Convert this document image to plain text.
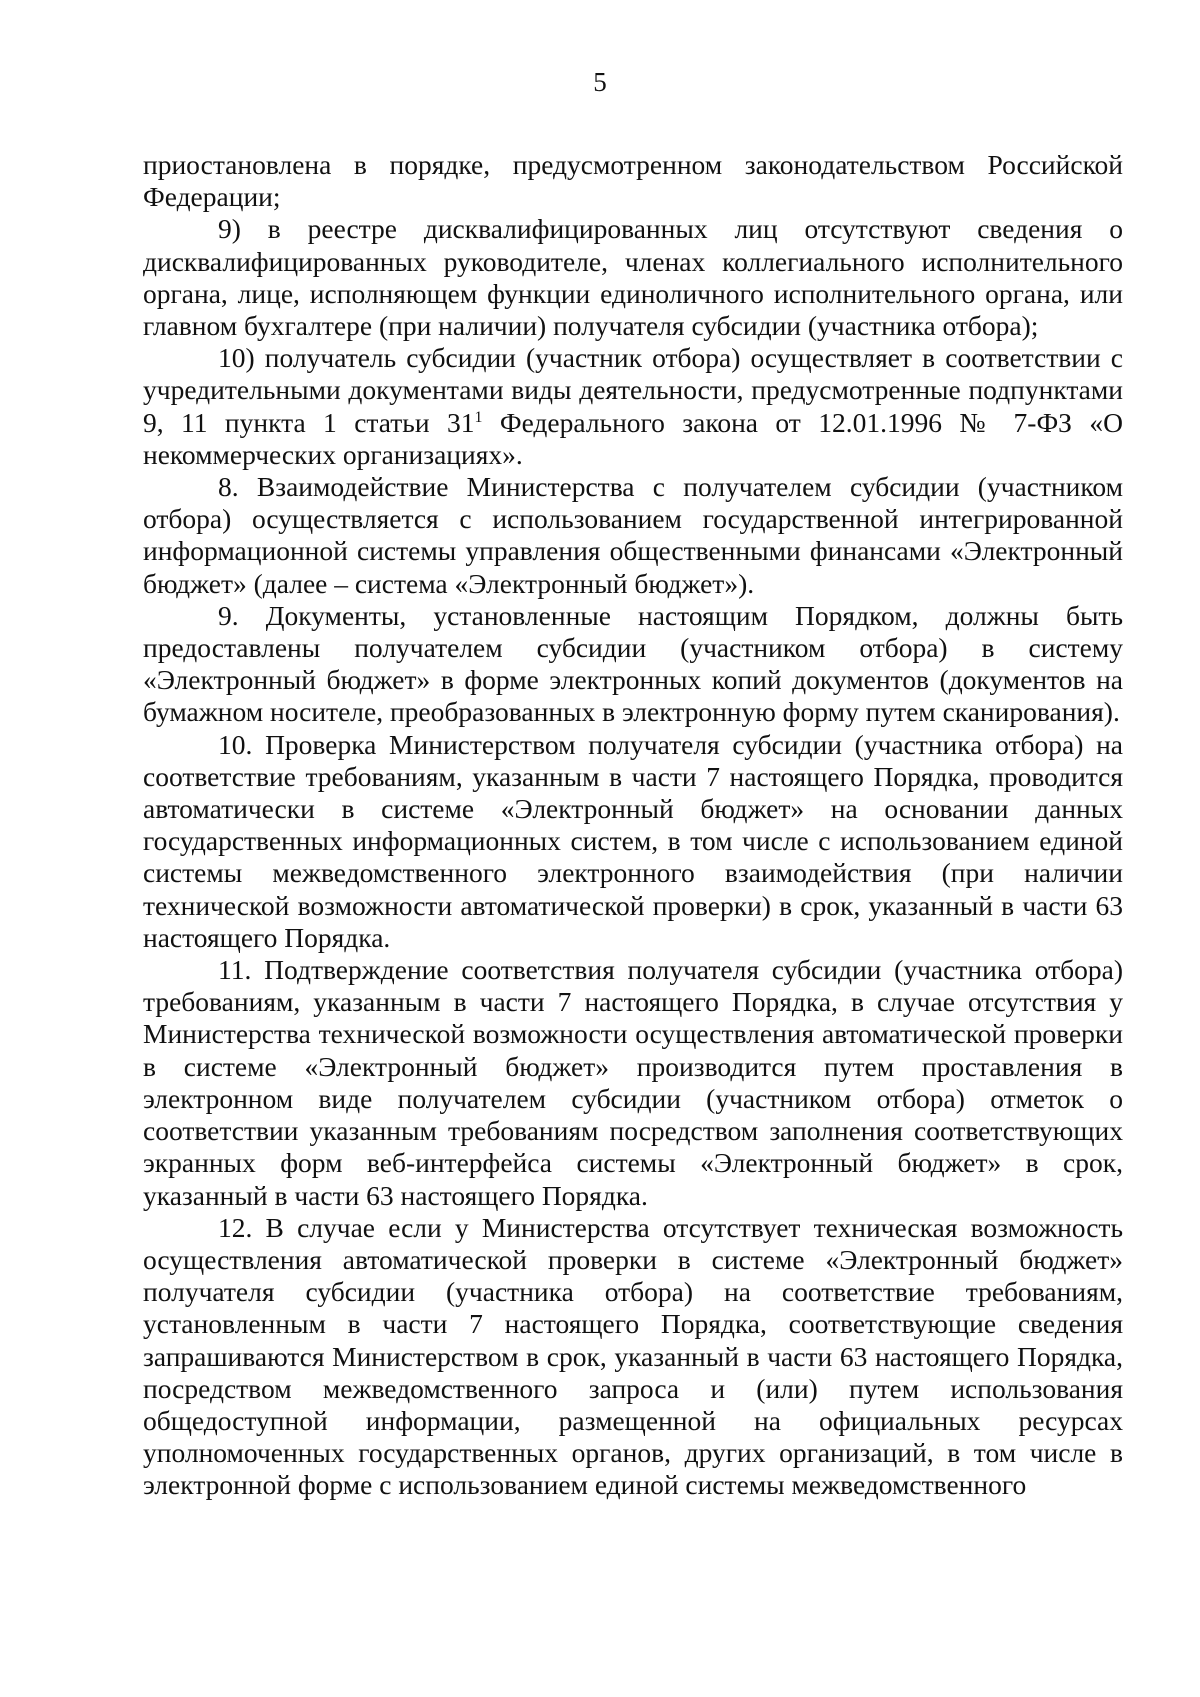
5

приостановлена в порядке, предусмотренном законодательством Российской Федерации;

9) в реестре дисквалифицированных лиц отсутствуют сведения о дисквалифицированных руководителе, членах коллегиального исполнительного органа, лице, исполняющем функции единоличного исполнительного органа, или главном бухгалтере (при наличии) получателя субсидии (участника отбора);

10) получатель субсидии (участник отбора) осуществляет в соответствии с учредительными документами виды деятельности, предусмотренные подпунктами 9, 11 пункта 1 статьи $31^1$ Федерального закона от 12.01.1996 № 7-ФЗ «О некоммерческих организациях».

8. Взаимодействие Министерства с получателем субсидии (участником отбора) осуществляется с использованием государственной интегрированной информационной системы управления общественными финансами «Электронный бюджет» (далее – система «Электронный бюджет»).

9. Документы, установленные настоящим Порядком, должны быть предоставлены получателем субсидии (участником отбора) в систему «Электронный бюджет» в форме электронных копий документов (документов на бумажном носителе, преобразованных в электронную форму путем сканирования).

10. Проверка Министерством получателя субсидии (участника отбора) на соответствие требованиям, указанным в части 7 настоящего Порядка, проводится автоматически в системе «Электронный бюджет» на основании данных государственных информационных систем, в том числе с использованием единой системы межведомственного электронного взаимодействия (при наличии технической возможности автоматической проверки) в срок, указанный в части 63 настоящего Порядка.

11. Подтверждение соответствия получателя субсидии (участника отбора) требованиям, указанным в части 7 настоящего Порядка, в случае отсутствия у Министерства технической возможности осуществления автоматической проверки в системе «Электронный бюджет» производится путем проставления в электронном виде получателем субсидии (участником отбора) отметок о соответствии указанным требованиям посредством заполнения соответствующих экранных форм веб-интерфейса системы «Электронный бюджет» в срок, указанный в части 63 настоящего Порядка.

12. В случае если у Министерства отсутствует техническая возможность осуществления автоматической проверки в системе «Электронный бюджет» получателя субсидии (участника отбора) на соответствие требованиям, установленным в части 7 настоящего Порядка, соответствующие сведения запрашиваются Министерством в срок, указанный в части 63 настоящего Порядка, посредством межведомственного запроса и (или) путем использования общедоступной информации, размещенной на официальных ресурсах уполномоченных государственных органов, других организаций, в том числе в электронной форме с использованием единой системы межведомственного
